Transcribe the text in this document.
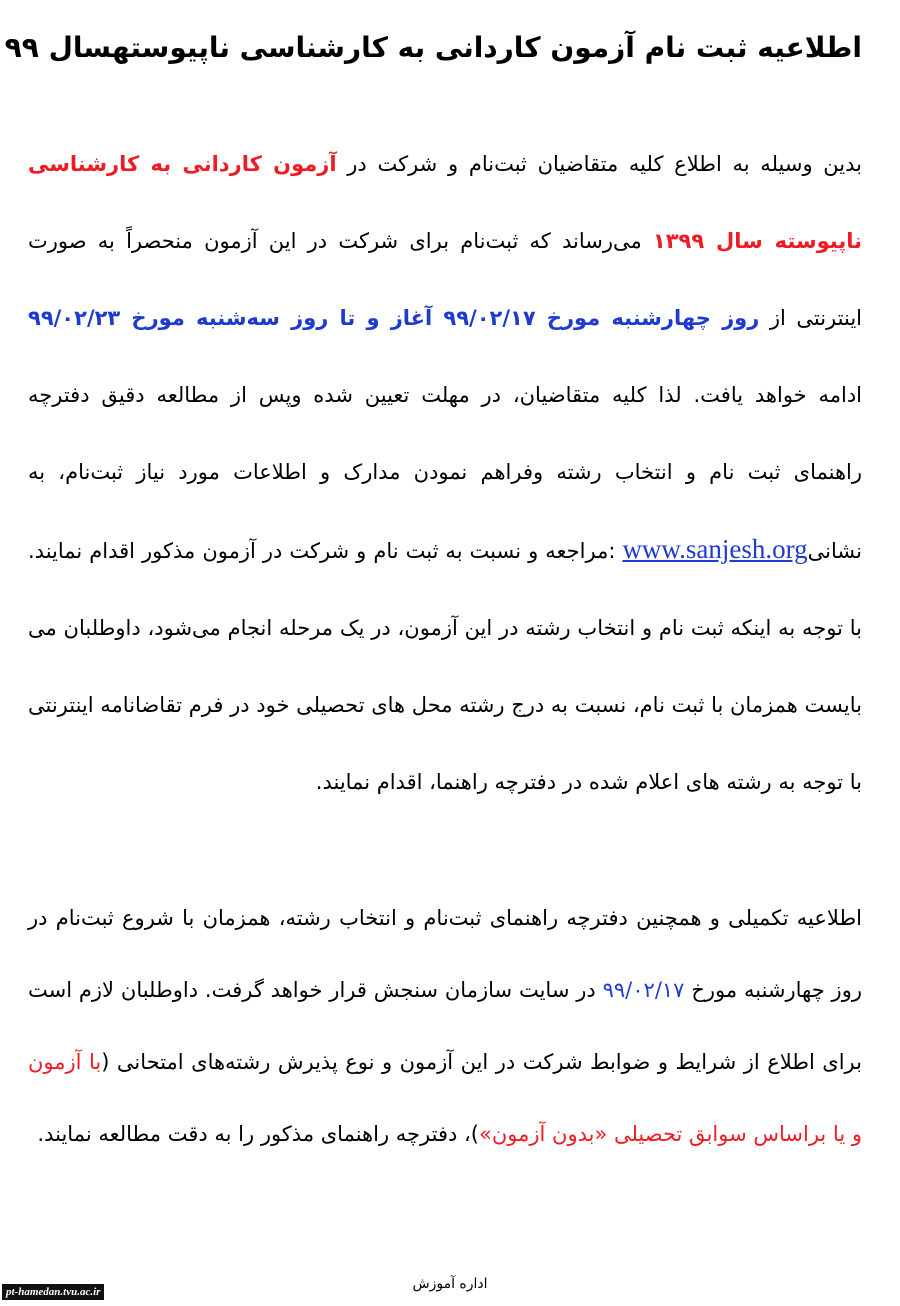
اطلاعیه ثبت نام آزمون کاردانی به کارشناسی ناپیوستهسال ۹۹
بدین وسیله به اطلاع کلیه متقاضیان ثبت‌نام و شرکت در آزمون کاردانی به کارشناسی ناپیوسته سال ۱۳۹۹ می‌رساند که ثبت‌نام برای شرکت در این آزمون منحصراً به صورت اینترنتی از روز چهارشنبه مورخ ۹۹/۰۲/۱۷ آغاز و تا روز سه‌شنبه مورخ ۹۹/۰۲/۲۳ ادامه خواهد یافت. لذا کلیه متقاضیان، در مهلت تعیین شده وپس از مطالعه دقیق دفترچه راهنمای ثبت نام و انتخاب رشته وفراهم نمودن مدارک و اطلاعات مورد نیاز ثبت‌نام، به نشانیwww.sanjesh.org :مراجعه و نسبت به ثبت نام و شرکت در آزمون مذکور اقدام نمایند. با توجه به اینکه ثبت نام و انتخاب رشته در این آزمون، در یک مرحله انجام می‌شود، داوطلبان می بایست همزمان با ثبت نام، نسبت به درج رشته محل های تحصیلی خود در فرم تقاضانامه اینترنتی با توجه به رشته های اعلام شده در دفترچه راهنما، اقدام نمایند.
اطلاعیه تکمیلی و همچنین دفترچه راهنمای ثبت‌نام و انتخاب رشته، همزمان با شروع ثبت‌نام در روز چهارشنبه مورخ ۹۹/۰۲/۱۷ در سایت سازمان سنجش قرار خواهد گرفت. داوطلبان لازم است برای اطلاع از شرایط و ضوابط شرکت در این آزمون و نوع پذیرش رشته‌های امتحانی (با آزمون و یا براساس سوابق تحصیلی «بدون آزمون»)، دفترچه راهنمای مذکور را به دقت مطالعه نمایند.
اداره آموزش
pt-hamedan.tvu.ac.ir
